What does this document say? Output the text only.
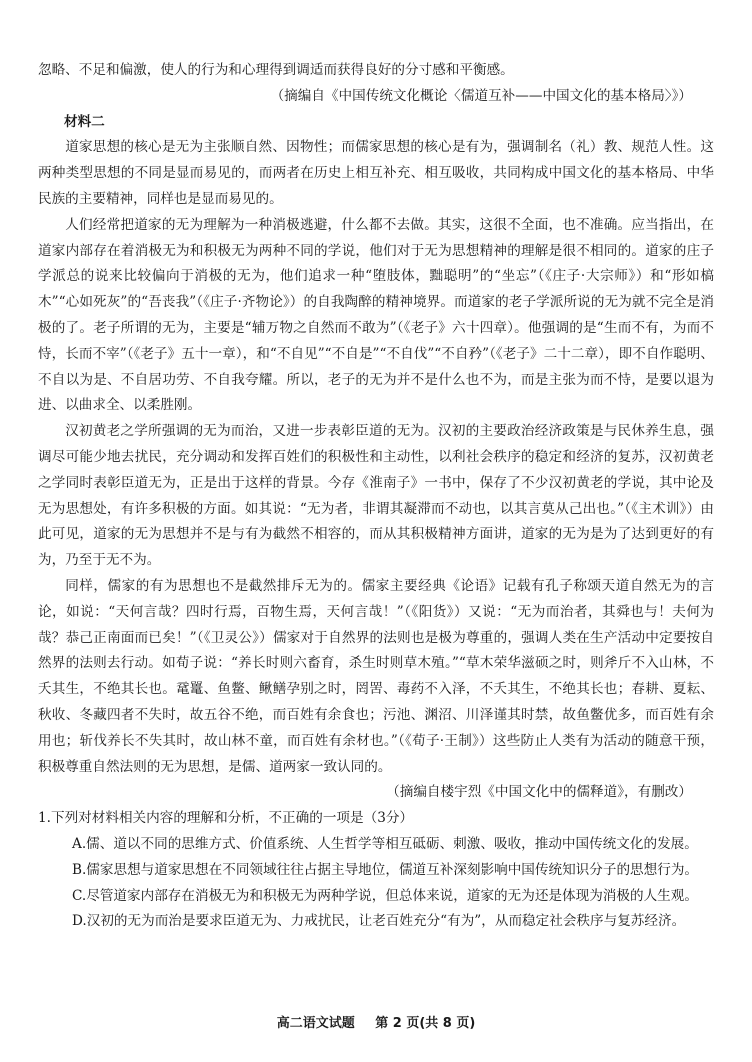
忽略、不足和偏激，使人的行为和心理得到调适而获得良好的分寸感和平衡感。

（摘编自《中国传统文化概论〈儒道互补——中国文化的基本格局〉》）

材料二

道家思想的核心是无为主张顺自然、因物性；而儒家思想的核心是有为，强调制名（礼）教、规范人性。这两种类型思想的不同是显而易见的，而两者在历史上相互补充、相互吸收，共同构成中国文化的基本格局、中华民族的主要精神，同样也是显而易见的。

人们经常把道家的无为理解为一种消极逃避，什么都不去做。其实，这很不全面，也不准确。应当指出，在道家内部存在着消极无为和积极无为两种不同的学说，他们对于无为思想精神的理解是很不相同的。道家的庄子学派总的说来比较偏向于消极的无为，他们追求一种“堕肢体，黜聪明”的“坐忘”（《庄子·大宗师》）和“形如槁木”“心如死灰”的“吾丧我”（《庄子·齐物论》）的自我陶醉的精神境界。而道家的老子学派所说的无为就不完全是消极的了。老子所谓的无为，主要是“辅万物之自然而不敢为”（《老子》六十四章）。他强调的是“生而不有，为而不恃，长而不宰”（《老子》五十一章），和“不自见”“不自是”“不自伐”“不自矜”（《老子》二十二章），即不自作聪明、不自以为是、不自居功劳、不自我夸耀。所以，老子的无为并不是什么也不为，而是主张为而不恃，是要以退为进、以曲求全、以柔胜刚。

汉初黄老之学所强调的无为而治，又进一步表彰臣道的无为。汉初的主要政治经济政策是与民休养生息，强调尽可能少地去扰民，充分调动和发挥百姓们的积极性和主动性，以利社会秩序的稳定和经济的复苏，汉初黄老之学同时表彰臣道无为，正是出于这样的背景。今存《淮南子》一书中，保存了不少汉初黄老的学说，其中论及无为思想处，有许多积极的方面。如其说：“无为者，非谓其凝滞而不动也，以其言莫从己出也。”（《主术训》）由此可见，道家的无为思想并不是与有为截然不相容的，而从其积极精神方面讲，道家的无为是为了达到更好的有为，乃至于无不为。

同样，儒家的有为思想也不是截然排斥无为的。儒家主要经典《论语》记载有孔子称颂天道自然无为的言论，如说：“天何言哉？四时行焉，百物生焉，天何言哉！”（《阳货》）又说：“无为而治者，其舜也与！夫何为哉？恭己正南面而已矣！”（《卫灵公》）儒家对于自然界的法则也是极为尊重的，强调人类在生产活动中定要按自然界的法则去行动。如荀子说：“养长时则六畜育，杀生时则草木殖。”“草木荣华滋硕之时，则斧斤不入山林，不夭其生，不绝其长也。鼋鼍、鱼鳖、鳅鳝孕别之时，罔罟、毒药不入泽，不夭其生，不绝其长也；春耕、夏耘、秋收、冬藏四者不失时，故五谷不绝，而百姓有余食也；污池、渊沼、川泽谨其时禁，故鱼鳖优多，而百姓有余用也；斩伐养长不失其时，故山林不童，而百姓有余材也。”（《荀子·王制》）这些防止人类有为活动的随意干预，积极尊重自然法则的无为思想，是儒、道两家一致认同的。

（摘编自楼宇烈《中国文化中的儒释道》，有删改）

1.下列对材料相关内容的理解和分析，不正确的一项是（3分）

A.儒、道以不同的思维方式、价值系统、人生哲学等相互砥砺、刺激、吸收，推动中国传统文化的发展。

B.儒家思想与道家思想在不同领域往往占据主导地位，儒道互补深刻影响中国传统知识分子的思想行为。

C.尽管道家内部存在消极无为和积极无为两种学说，但总体来说，道家的无为还是体现为消极的人生观。

D.汉初的无为而治是要求臣道无为、力戒扰民，让老百姓充分“有为”，从而稳定社会秩序与复苏经济。

高二语文试题 第 2 页(共 8 页)
